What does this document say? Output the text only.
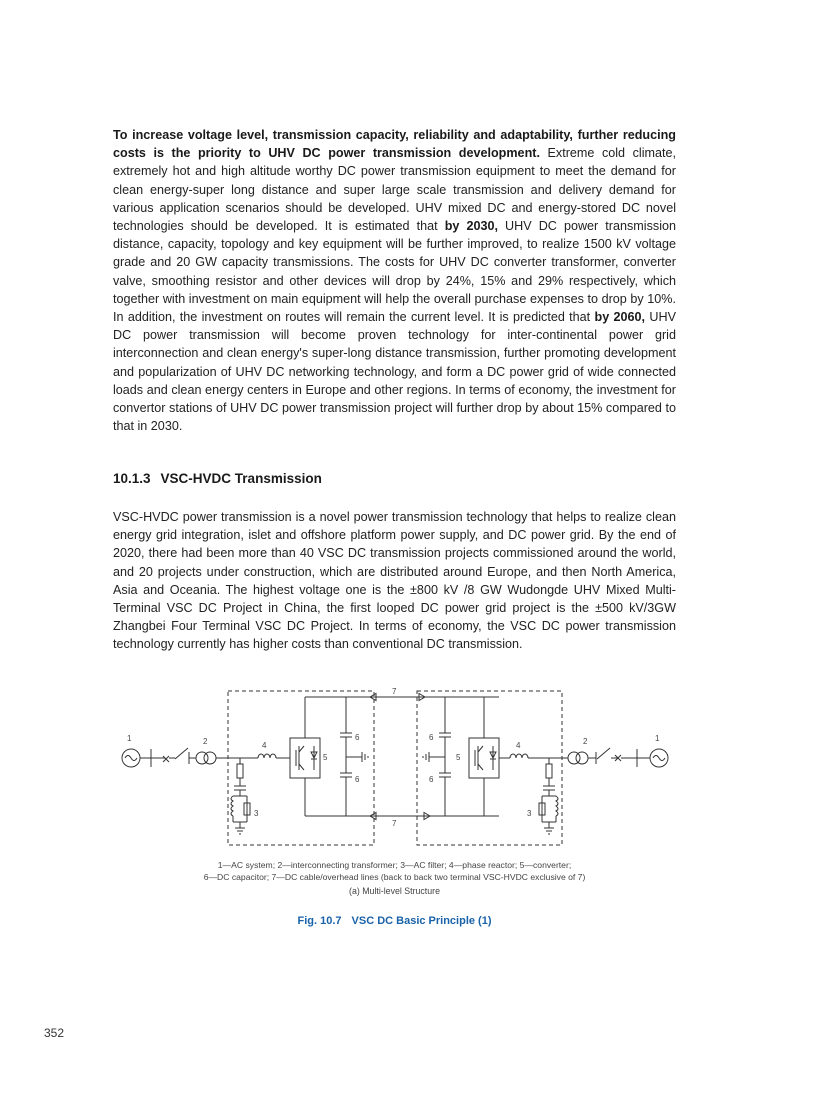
To increase voltage level, transmission capacity, reliability and adaptability, further reducing costs is the priority to UHV DC power transmission development. Extreme cold climate, extremely hot and high altitude worthy DC power transmission equipment to meet the demand for clean energy-super long distance and super large scale transmission and delivery demand for various application scenarios should be developed. UHV mixed DC and energy-stored DC novel technologies should be developed. It is estimated that by 2030, UHV DC power transmission distance, capacity, topology and key equipment will be further improved, to realize 1500 kV voltage grade and 20 GW capacity transmissions. The costs for UHV DC converter transformer, converter valve, smoothing resistor and other devices will drop by 24%, 15% and 29% respectively, which together with investment on main equipment will help the overall purchase expenses to drop by 10%. In addition, the investment on routes will remain the current level. It is predicted that by 2060, UHV DC power transmission will become proven technology for inter-continental power grid interconnection and clean energy's super-long distance transmission, further promoting development and popularization of UHV DC networking technology, and form a DC power grid of wide connected loads and clean energy centers in Europe and other regions. In terms of economy, the investment for convertor stations of UHV DC power transmission project will further drop by about 15% compared to that in 2030.

10.1.3 VSC-HVDC Transmission

VSC-HVDC power transmission is a novel power transmission technology that helps to realize clean energy grid integration, islet and offshore platform power supply, and DC power grid. By the end of 2020, there had been more than 40 VSC DC transmission projects commissioned around the world, and 20 projects under construction, which are distributed around Europe, and then North America, Asia and Oceania. The highest voltage one is the ±800 kV /8 GW Wudongde UHV Mixed Multi-Terminal VSC DC Project in China, the first looped DC power grid project is the ±500 kV/3GW Zhangbei Four Terminal VSC DC Project. In terms of economy, the VSC DC power transmission technology currently has higher costs than conventional DC transmission.

1	2
3
4
5
6
6
7
7
6
6
5
4
3
2	1

1—AC system; 2—interconnecting transformer; 3—AC filter; 4—phase reactor; 5—converter;

6—DC capacitor; 7—DC cable/overhead lines (back to back two terminal VSC-HVDC exclusive of 7)

(a) Multi-level Structure

Fig. 10.7 VSC DC Basic Principle (1)

352
